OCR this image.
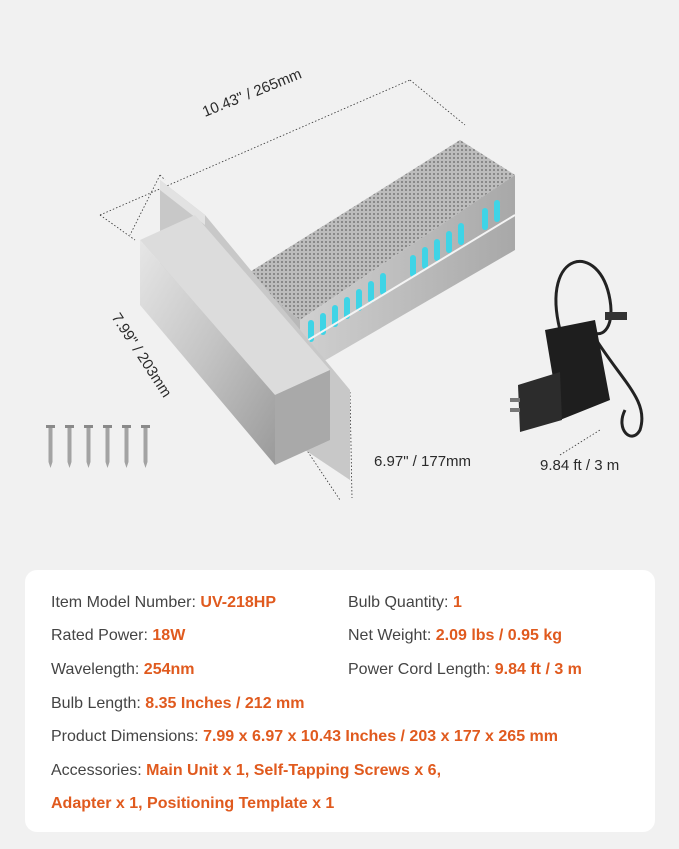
10.43" / 265mm
7.99" / 203mm
6.97" / 177mm	9.84 ft / 3 m
Item Model Number: UV-218HP	Bulb Quantity: 1
Rated Power: 18W	Net Weight: 2.09 lbs / 0.95 kg
Wavelength: 254nm	Power Cord Length: 9.84 ft / 3 m
Bulb Length: 8.35 Inches / 212 mm
Product Dimensions: 7.99 x 6.97 x 10.43 Inches / 203 x 177 x 265 mm
Accessories: Main Unit x 1, Self-Tapping Screws x 6,
Adapter x 1, Positioning Template x 1
